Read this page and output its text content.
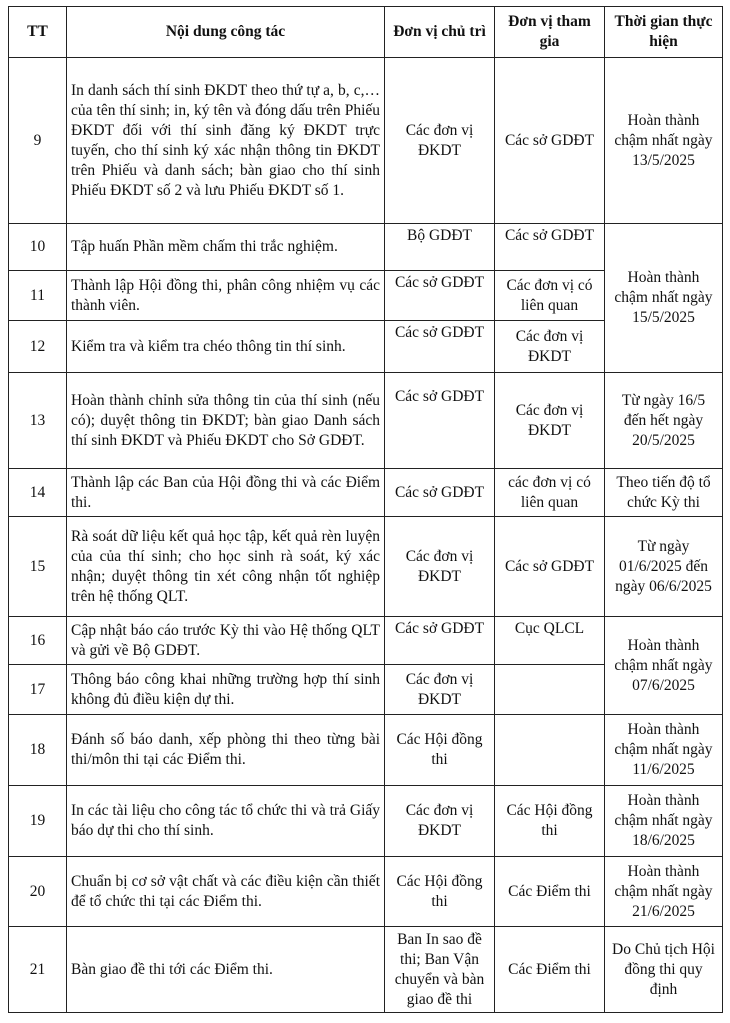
TT	Nội dung công tác	Đơn vị chủ trì	Đơn vị tham gia	Thời gian thực hiện
9	In danh sách thí sinh ĐKDT theo thứ tự a, b, c,… của tên thí sinh; in, ký tên và đóng dấu trên Phiếu ĐKDT đối với thí sinh đăng ký ĐKDT trực tuyến, cho thí sinh ký xác nhận thông tin ĐKDT trên Phiếu và danh sách; bàn giao cho thí sinh Phiếu ĐKDT số 2 và lưu Phiếu ĐKDT số 1.	Các đơn vị ĐKDT	Các sở GDĐT	Hoàn thành chậm nhất ngày 13/5/2025
10	Tập huấn Phần mềm chấm thi trắc nghiệm.	Bộ GDĐT	Các sở GDĐT	Hoàn thành chậm nhất ngày 15/5/2025
11	Thành lập Hội đồng thi, phân công nhiệm vụ các thành viên.	Các sở GDĐT	Các đơn vị có liên quan	
12	Kiểm tra và kiểm tra chéo thông tin thí sinh.	Các sở GDĐT	Các đơn vị ĐKDT	
13	Hoàn thành chỉnh sửa thông tin của thí sinh (nếu có); duyệt thông tin ĐKDT; bàn giao Danh sách thí sinh ĐKDT và Phiếu ĐKDT cho Sở GDĐT.	Các sở GDĐT	Các đơn vị ĐKDT	Từ ngày 16/5 đến hết ngày 20/5/2025
14	Thành lập các Ban của Hội đồng thi và các Điểm thi.	Các sở GDĐT	các đơn vị có liên quan	Theo tiến độ tổ chức Kỳ thi
15	Rà soát dữ liệu kết quả học tập, kết quả rèn luyện của của thí sinh; cho học sinh rà soát, ký xác nhận; duyệt thông tin xét công nhận tốt nghiệp trên hệ thống QLT.	Các đơn vị ĐKDT	Các sở GDĐT	Từ ngày 01/6/2025 đến ngày 06/6/2025
16	Cập nhật báo cáo trước Kỳ thi vào Hệ thống QLT và gửi về Bộ GDĐT.	Các sở GDĐT	Cục QLCL	Hoàn thành chậm nhất ngày 07/6/2025
17	Thông báo công khai những trường hợp thí sinh không đủ điều kiện dự thi.	Các đơn vị ĐKDT		
18	Đánh số báo danh, xếp phòng thi theo từng bài thi/môn thi tại các Điểm thi.	Các Hội đồng thi		Hoàn thành chậm nhất ngày 11/6/2025
19	In các tài liệu cho công tác tổ chức thi và trả Giấy báo dự thi cho thí sinh.	Các đơn vị ĐKDT	Các Hội đồng thi	Hoàn thành chậm nhất ngày 18/6/2025
20	Chuẩn bị cơ sở vật chất và các điều kiện cần thiết để tổ chức thi tại các Điểm thi.	Các Hội đồng thi	Các Điểm thi	Hoàn thành chậm nhất ngày 21/6/2025
21	Bàn giao đề thi tới các Điểm thi.	Ban In sao đề thi; Ban Vận chuyển và bàn giao đề thi	Các Điểm thi	Do Chủ tịch Hội đồng thi quy định
